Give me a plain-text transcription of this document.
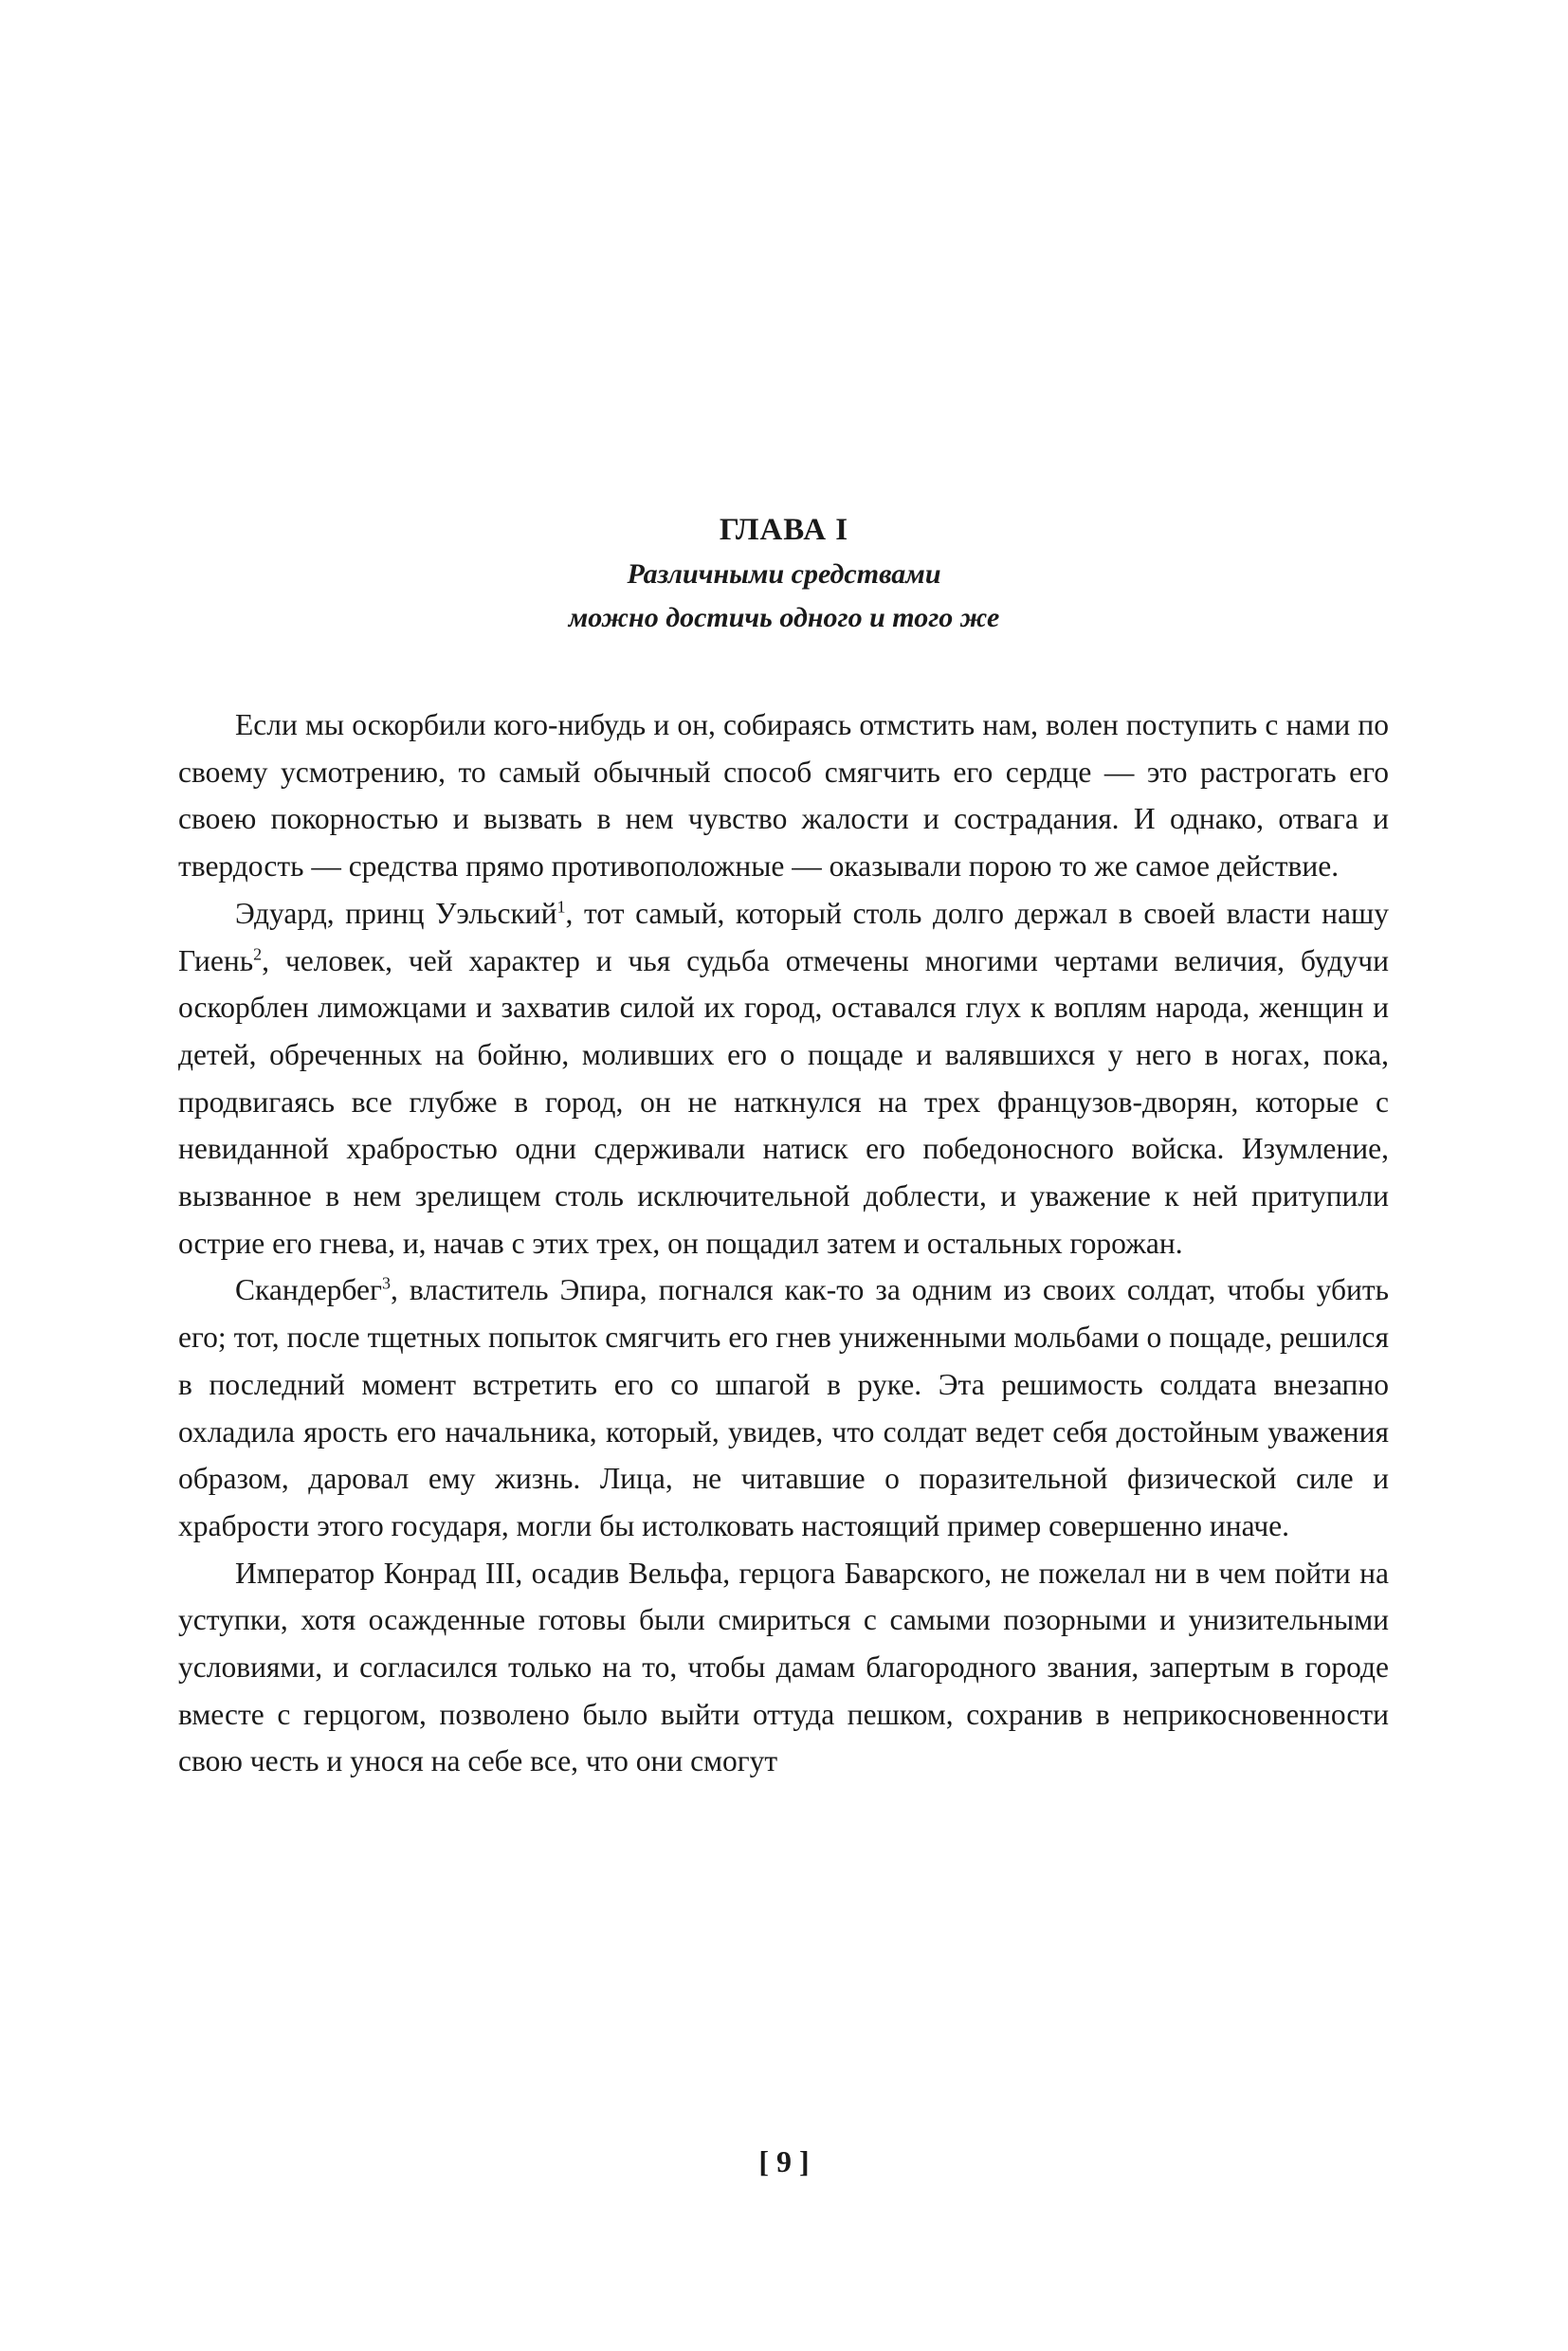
ГЛАВА I
Различными средствами
можно достичь одного и того же

Если мы оскорбили кого-нибудь и он, собираясь отмстить нам, волен поступить с нами по своему усмотрению, то самый обычный способ смягчить его сердце — это растрогать его своею покорностью и вызвать в нем чувство жалости и сострадания. И однако, отвага и твердость — средства прямо противоположные — оказывали порою то же самое действие.

Эдуард, принц Уэльский$^1$, тот самый, который столь долго держал в своей власти нашу Гиень$^2$, человек, чей характер и чья судьба отмечены многими чертами величия, будучи оскорблен лиможцами и захватив силой их город, оставался глух к воплям народа, женщин и детей, обреченных на бойню, моливших его о пощаде и валявшихся у него в ногах, пока, продвигаясь все глубже в город, он не наткнулся на трех французов-дворян, которые с невиданной храбростью одни сдерживали натиск его победоносного войска. Изумление, вызванное в нем зрелищем столь исключительной доблести, и уважение к ней притупили острие его гнева, и, начав с этих трех, он пощадил затем и остальных горожан.

Скандербег$^3$, властитель Эпира, погнался как-то за одним из своих солдат, чтобы убить его; тот, после тщетных попыток смягчить его гнев униженными мольбами о пощаде, решился в последний момент встретить его со шпагой в руке. Эта решимость солдата внезапно охладила ярость его начальника, который, увидев, что солдат ведет себя достойным уважения образом, даровал ему жизнь. Лица, не читавшие о поразительной физической силе и храбрости этого государя, могли бы истолковать настоящий пример совершенно иначе.

Император Конрад III, осадив Вельфа, герцога Баварского, не пожелал ни в чем пойти на уступки, хотя осажденные готовы были смириться с самыми позорными и унизительными условиями, и согласился только на то, чтобы дамам благородного звания, запертым в городе вместе с герцогом, позволено было выйти оттуда пешком, сохранив в неприкосновенности свою честь и унося на себе все, что они смогут

[ 9 ]
